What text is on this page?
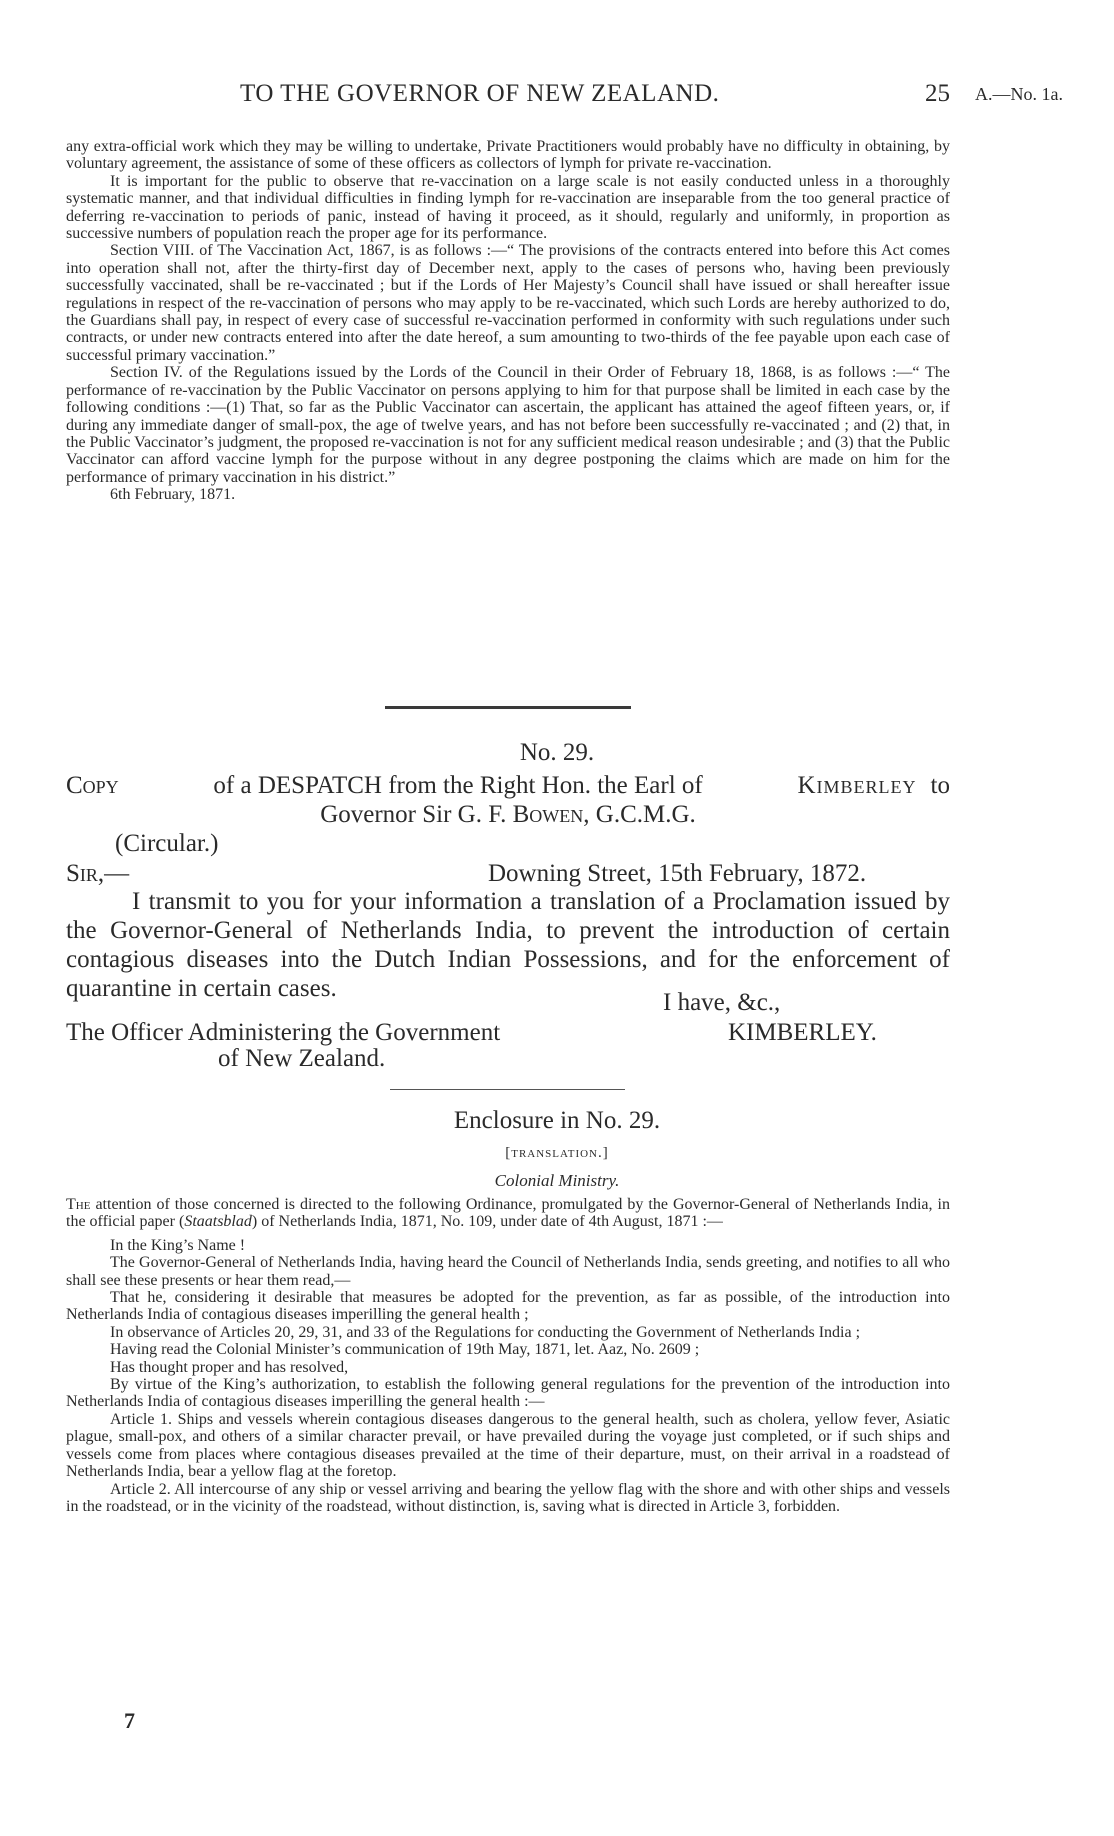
TO THE GOVERNOR OF NEW ZEALAND.	25 A.—No. 1a.

any extra-official work which they may be willing to undertake, Private Practitioners would probably have no difficulty in obtaining, by voluntary agreement, the assistance of some of these officers as collectors of lymph for private re-vaccination.

It is important for the public to observe that re-vaccination on a large scale is not easily conducted unless in a thoroughly systematic manner, and that individual difficulties in finding lymph for re-vaccination are inseparable from the too general practice of deferring re-vaccination to periods of panic, instead of having it proceed, as it should, regularly and uniformly, in proportion as successive numbers of population reach the proper age for its performance.

Section VIII. of The Vaccination Act, 1867, is as follows :—“ The provisions of the contracts entered into before this Act comes into operation shall not, after the thirty-first day of December next, apply to the cases of persons who, having been previously successfully vaccinated, shall be re-vaccinated ; but if the Lords of Her Majesty’s Council shall have issued or shall hereafter issue regulations in respect of the re-vaccination of persons who may apply to be re-vaccinated, which such Lords are hereby authorized to do, the Guardians shall pay, in respect of every case of successful re-vaccination performed in conformity with such regulations under such contracts, or under new contracts entered into after the date hereof, a sum amounting to two-thirds of the fee payable upon each case of successful primary vaccination.”

Section IV. of the Regulations issued by the Lords of the Council in their Order of February 18, 1868, is as follows :—“ The performance of re-vaccination by the Public Vaccinator on persons applying to him for that purpose shall be limited in each case by the following conditions :—(1) That, so far as the Public Vaccinator can ascertain, the applicant has attained the ageof fifteen years, or, if during any immediate danger of small-pox, the age of twelve years, and has not before been successfully re-vaccinated ; and (2) that, in the Public Vaccinator’s judgment, the proposed re-vaccination is not for any sufficient medical reason undesirable ; and (3) that the Public Vaccinator can afford vaccine lymph for the purpose without in any degree postponing the claims which are made on him for the performance of primary vaccination in his district.”

6th February, 1871.

No. 29.
Copy	of a DESPATCH from the Right Hon. the Earl of	Kimberley to
Governor Sir G. F. Bowen, G.C.M.G.
(Circular.)
Sir,—	Downing Street, 15th February, 1872.
I transmit to you for your information a translation of a Proclamation issued by the Governor-General of Netherlands India, to prevent the introduction of certain contagious diseases into the Dutch Indian Possessions, and for the enforcement of quarantine in certain cases.
I have, &c.,
The Officer Administering the Government	KIMBERLEY.
of New Zealand.
Enclosure in No. 29.
[translation.]
Colonial Ministry.

The attention of those concerned is directed to the following Ordinance, promulgated by the Governor-General of Netherlands India, in the official paper (Staatsblad) of Netherlands India, 1871, No. 109, under date of 4th August, 1871 :—

In the King’s Name !

The Governor-General of Netherlands India, having heard the Council of Netherlands India, sends greeting, and notifies to all who shall see these presents or hear them read,—

That he, considering it desirable that measures be adopted for the prevention, as far as possible, of the introduction into Netherlands India of contagious diseases imperilling the general health ;

In observance of Articles 20, 29, 31, and 33 of the Regulations for conducting the Government of Netherlands India ;

Having read the Colonial Minister’s communication of 19th May, 1871, let. Aaz, No. 2609 ;

Has thought proper and has resolved,

By virtue of the King’s authorization, to establish the following general regulations for the prevention of the introduction into Netherlands India of contagious diseases imperilling the general health :—

Article 1. Ships and vessels wherein contagious diseases dangerous to the general health, such as cholera, yellow fever, Asiatic plague, small-pox, and others of a similar character prevail, or have prevailed during the voyage just completed, or if such ships and vessels come from places where contagious diseases prevailed at the time of their departure, must, on their arrival in a roadstead of Netherlands India, bear a yellow flag at the foretop.

Article 2. All intercourse of any ship or vessel arriving and bearing the yellow flag with the shore and with other ships and vessels in the roadstead, or in the vicinity of the roadstead, without distinction, is, saving what is directed in Article 3, forbidden.

7
